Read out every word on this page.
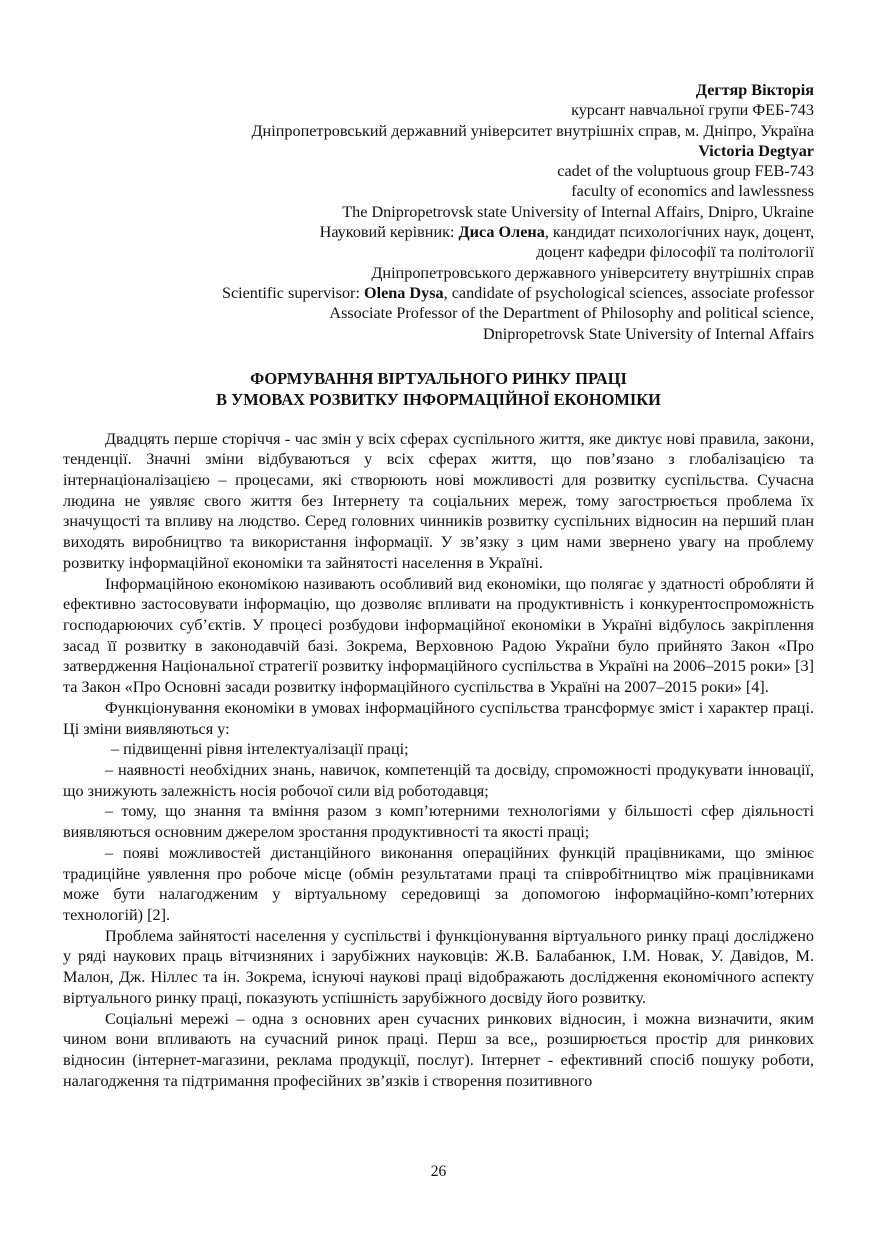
Дегтяр Вікторія
курсант навчальної групи ФЕБ-743
Дніпропетровський державний університет внутрішніх справ, м. Дніпро, Україна
Victoria Degtyar
cadet of the voluptuous group FEB-743
faculty of economics and lawlessness
The Dnipropetrovsk state University of Internal Affairs, Dnipro, Ukraine
Науковий керівник: Диса Олена, кандидат психологічних наук, доцент,
доцент кафедри філософії та політології
Дніпропетровського державного університету внутрішніх справ
Scientific supervisor: Olena Dysa, candidate of psychological sciences, associate professor
Associate Professor of the Department of Philosophy and political science,
Dnipropetrovsk State University of Internal Affairs
ФОРМУВАННЯ ВІРТУАЛЬНОГО РИНКУ ПРАЦІ
В УМОВАХ РОЗВИТКУ ІНФОРМАЦІЙНОЇ ЕКОНОМІКИ

Двадцять перше сторіччя - час змін у всіх сферах суспільного життя, яке диктує нові правила, закони, тенденції. Значні зміни відбуваються у всіх сферах життя, що пов’язано з глобалізацією та інтернаціоналізацією – процесами, які створюють нові можливості для розвитку суспільства. Сучасна людина не уявляє свого життя без Інтернету та соціальних мереж, тому загострюється проблема їх значущості та впливу на людство. Серед головних чинників розвитку суспільних відносин на перший план виходять виробництво та використання інформації. У зв’язку з цим нами звернено увагу на проблему розвитку інформаційної економіки та зайнятості населення в Україні.

Інформаційною економікою називають особливий вид економіки, що полягає у здатності обробляти й ефективно застосовувати інформацію, що дозволяє впливати на продуктивність і конкурентоспроможність господарюючих суб’єктів. У процесі розбудови інформаційної економіки в Україні відбулось закріплення засад її розвитку в законодавчій базі. Зокрема, Верховною Радою України було прийнято Закон «Про затвердження Національної стратегії розвитку інформаційного суспільства в Україні на 2006–2015 роки» [3] та Закон «Про Основні засади розвитку інформаційного суспільства в Україні на 2007–2015 роки» [4].

Функціонування економіки в умовах інформаційного суспільства трансформує зміст і характер праці. Ці зміни виявляються у:

– підвищенні рівня інтелектуалізації праці;

– наявності необхідних знань, навичок, компетенцій та досвіду, спроможності продукувати інновації, що знижують залежність носія робочої сили від роботодавця;

– тому, що знання та вміння разом з комп’ютерними технологіями у більшості сфер діяльності виявляються основним джерелом зростання продуктивності та якості праці;

– появі можливостей дистанційного виконання операційних функцій працівниками, що змінює традиційне уявлення про робоче місце (обмін результатами праці та співробітництво між працівниками може бути налагодженим у віртуальному середовищі за допомогою інформаційно-комп’ютерних технологій) [2].

Проблема зайнятості населення у суспільстві і функціонування віртуального ринку праці досліджено у ряді наукових праць вітчизняних і зарубіжних науковців: Ж.В. Балабанюк, І.М. Новак, У. Давідов, М. Малон, Дж. Ніллес та ін. Зокрема, існуючі наукові праці відображають дослідження економічного аспекту віртуального ринку праці, показують успішність зарубіжного досвіду його розвитку.

Соціальні мережі – одна з основних арен сучасних ринкових відносин, і можна визначити, яким чином вони впливають на сучасний ринок праці. Перш за все,, розширюється простір для ринкових відносин (інтернет-магазини, реклама продукції, послуг). Інтернет - ефективний спосіб пошуку роботи, налагодження та підтримання професійних зв’язків і створення позитивного

26
